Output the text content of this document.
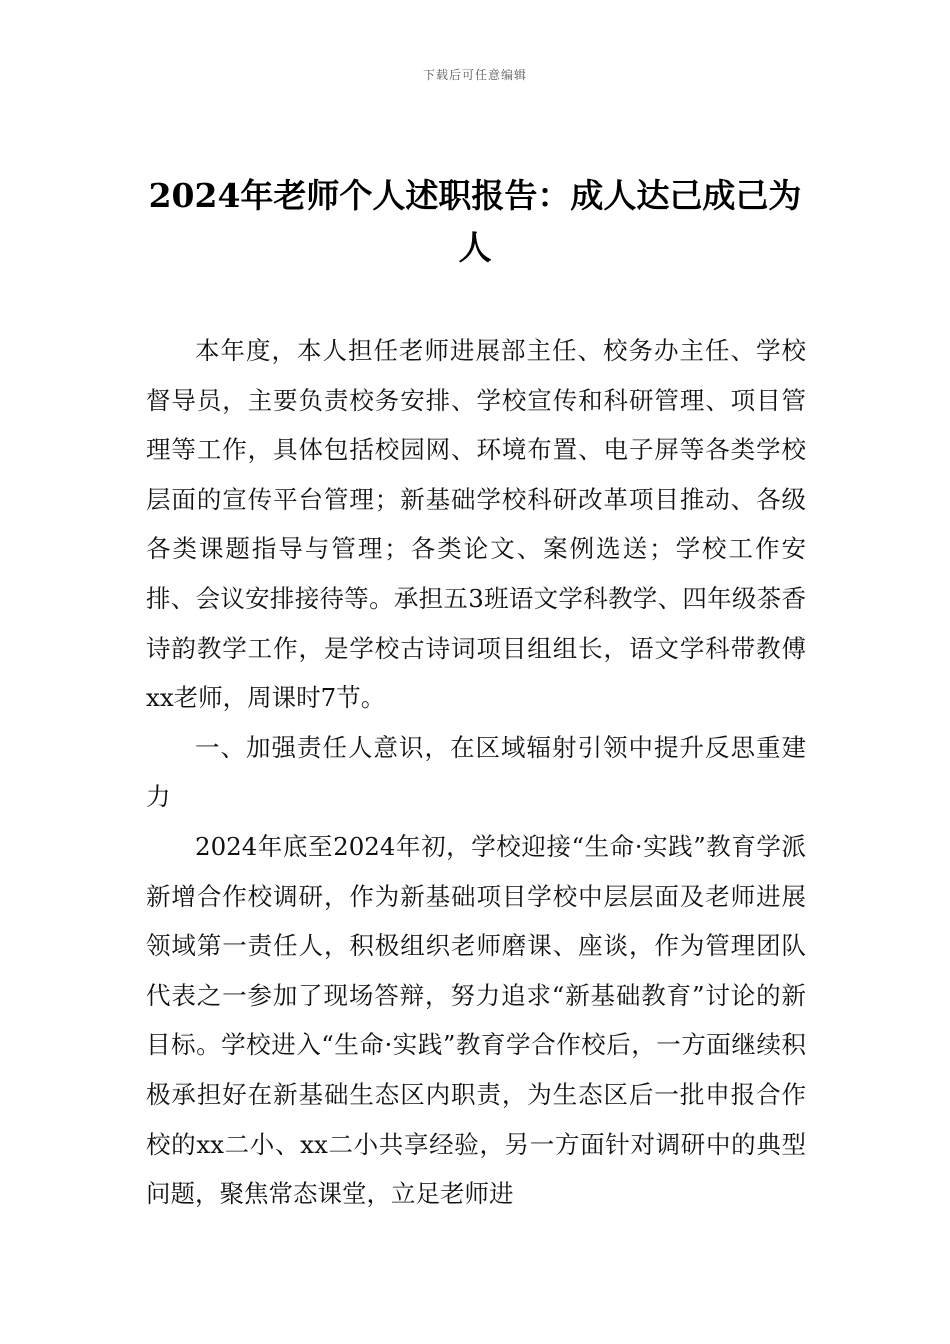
下载后可任意编辑
2024年老师个人述职报告：成人达己成己为人

本年度，本人担任老师进展部主任、校务办主任、学校督导员，主要负责校务安排、学校宣传和科研管理、项目管理等工作，具体包括校园网、环境布置、电子屏等各类学校层面的宣传平台管理；新基础学校科研改革项目推动、各级各类课题指导与管理；各类论文、案例选送；学校工作安排、会议安排接待等。承担五3班语文学科教学、四年级茶香诗韵教学工作，是学校古诗词项目组组长，语文学科带教傅xx老师，周课时7节。

一、加强责任人意识，在区域辐射引领中提升反思重建力

2024年底至2024年初，学校迎接“生命·实践”教育学派新增合作校调研，作为新基础项目学校中层层面及老师进展领域第一责任人，积极组织老师磨课、座谈，作为管理团队代表之一参加了现场答辩，努力追求“新基础教育”讨论的新目标。学校进入“生命·实践”教育学合作校后，一方面继续积极承担好在新基础生态区内职责，为生态区后一批申报合作校的xx二小、xx二小共享经验，另一方面针对调研中的典型问题，聚焦常态课堂，立足老师进
